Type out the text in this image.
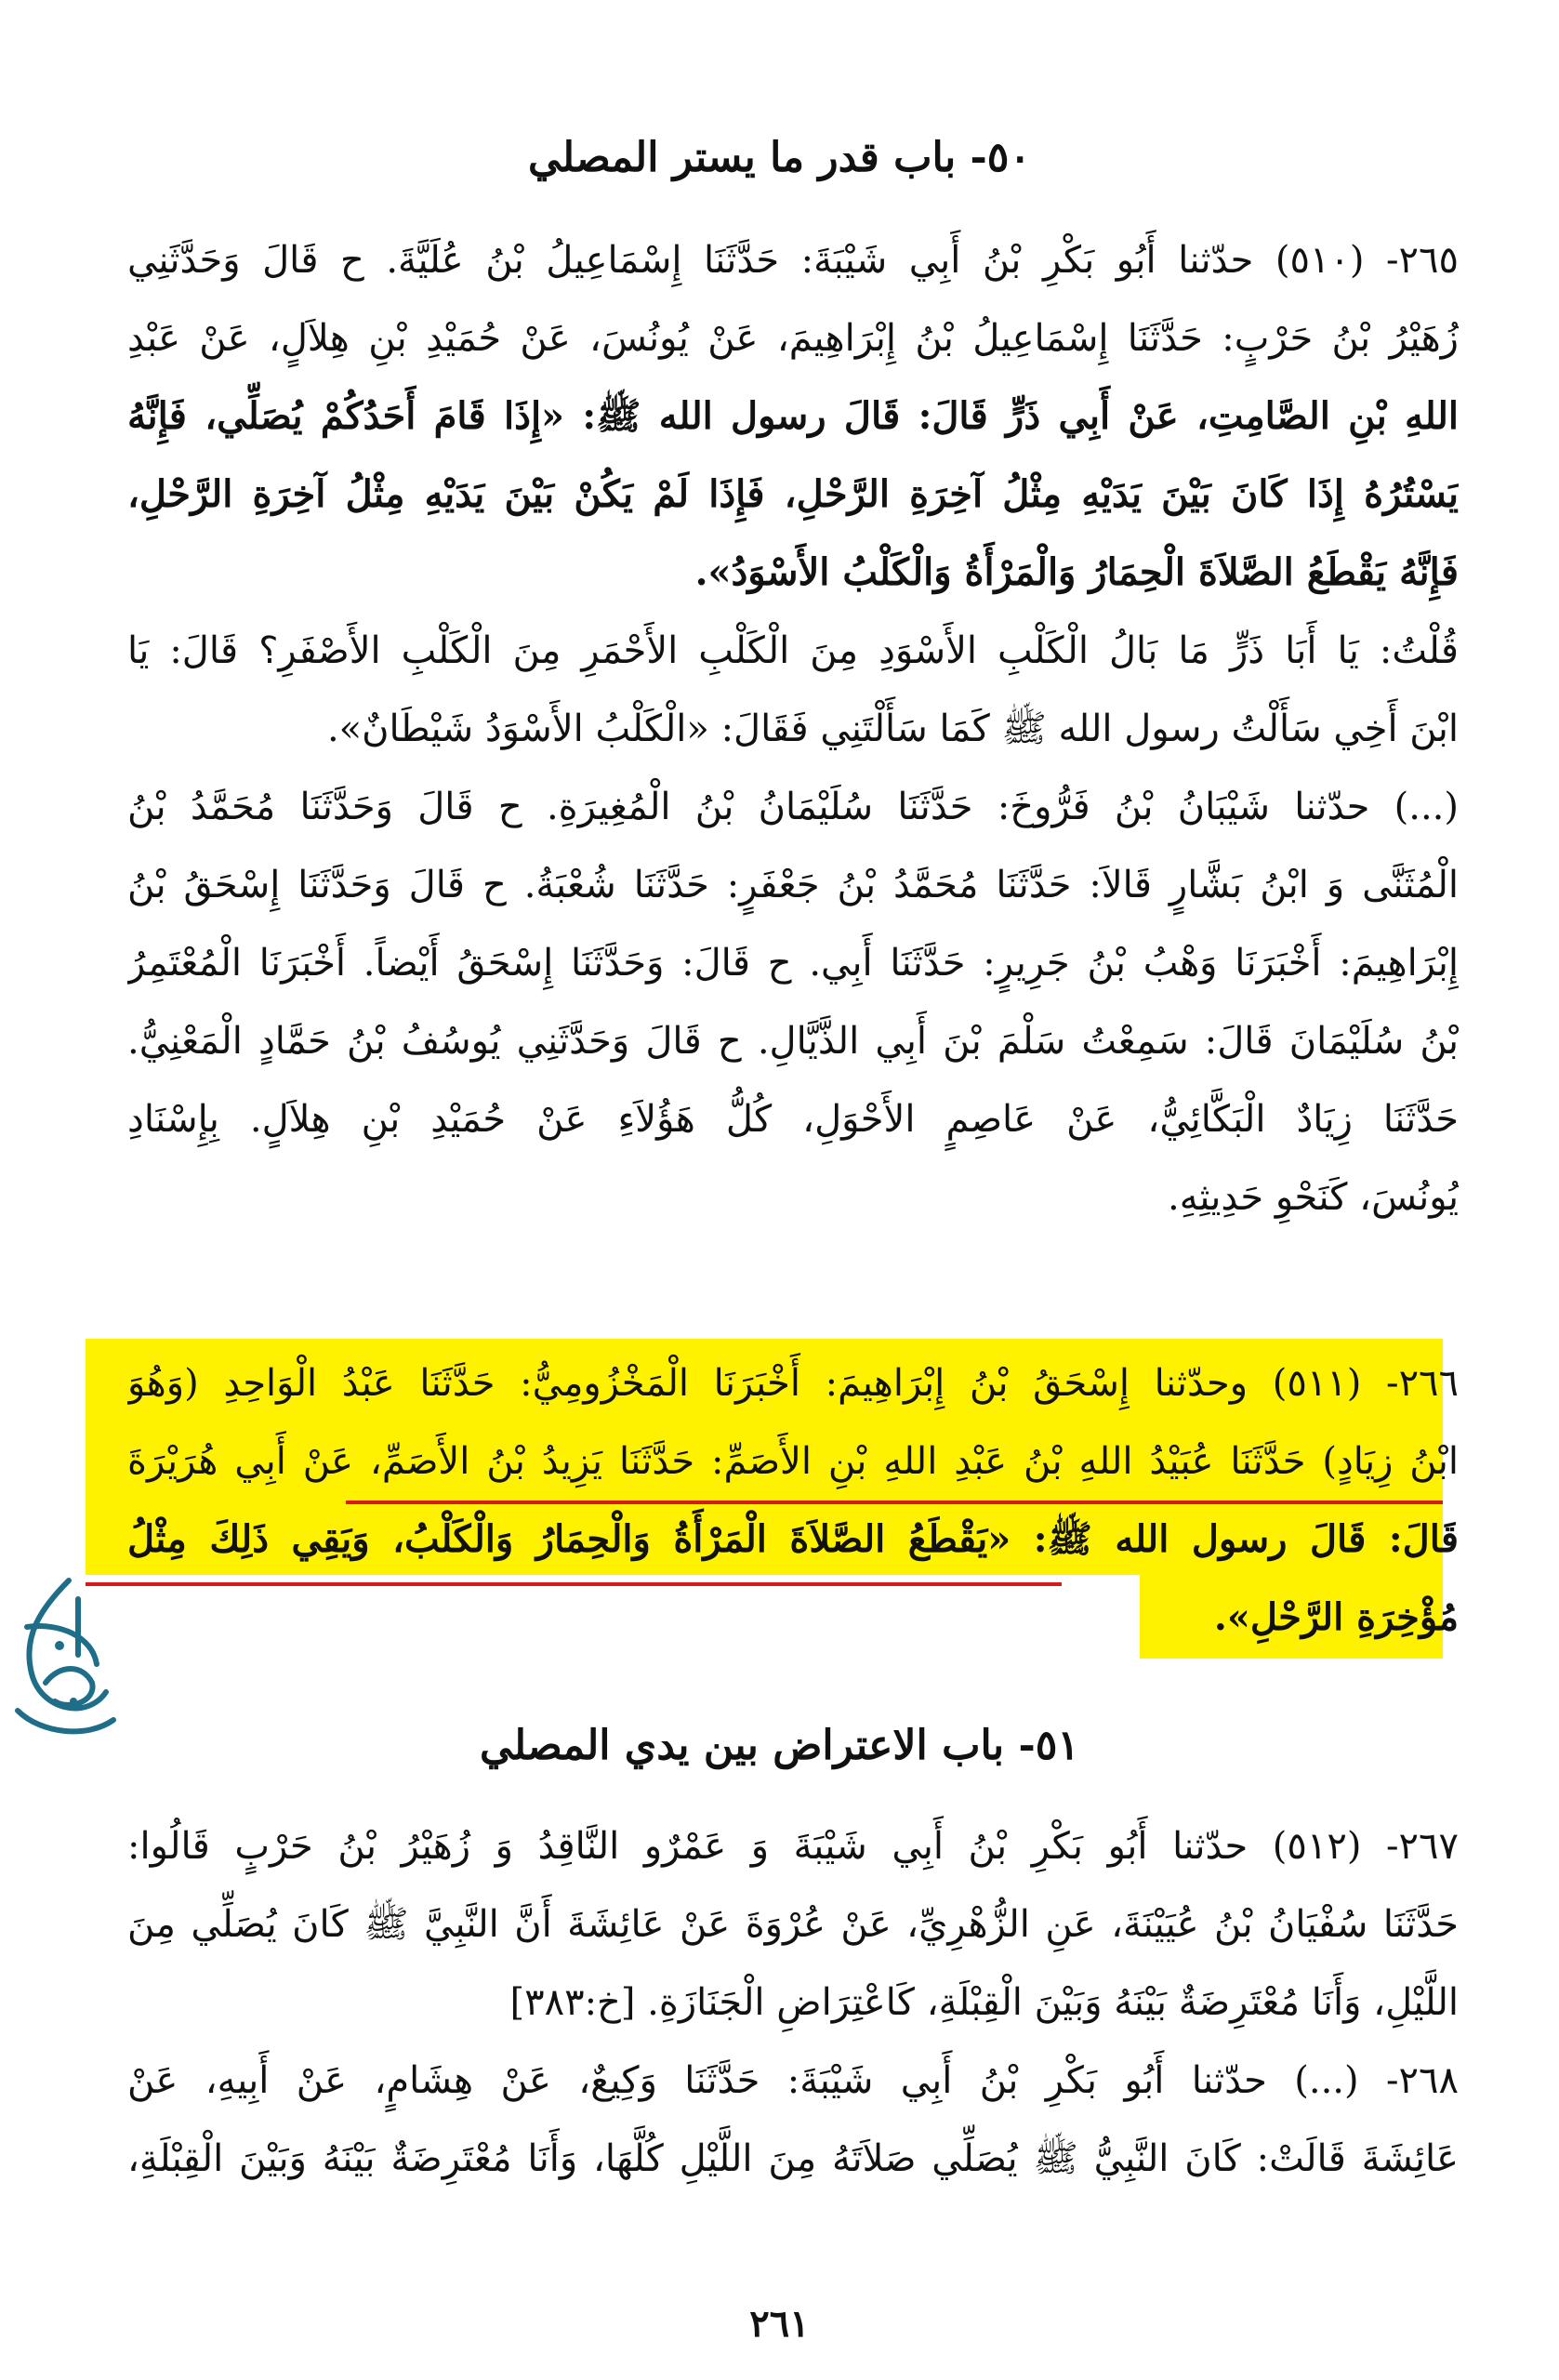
٥٠- باب قدر ما يستر المصلي
٢٦٥- (٥١٠) حدّثنا أَبُو بَكْرِ بْنُ أَبِي شَيْبَةَ: حَدَّثَنَا إِسْمَاعِيلُ بْنُ عُلَيَّةَ. ح قَالَ وَحَدَّثَنِي
زُهَيْرُ بْنُ حَرْبٍ: حَدَّثَنَا إِسْمَاعِيلُ بْنُ إِبْرَاهِيمَ، عَنْ يُونُسَ، عَنْ حُمَيْدِ بْنِ هِلاَلٍ، عَنْ عَبْدِ
اللهِ بْنِ الصَّامِتِ، عَنْ أَبِي ذَرٍّ قَالَ: قَالَ رسول الله ﷺ: «إِذَا قَامَ أَحَدُكُمْ يُصَلِّي، فَإِنَّهُ
يَسْتُرُهُ إِذَا كَانَ بَيْنَ يَدَيْهِ مِثْلُ آخِرَةِ الرَّحْلِ، فَإِذَا لَمْ يَكُنْ بَيْنَ يَدَيْهِ مِثْلُ آخِرَةِ الرَّحْلِ،
فَإِنَّهُ يَقْطَعُ الصَّلاَةَ الْحِمَارُ وَالْمَرْأَةُ وَالْكَلْبُ الأَسْوَدُ».
قُلْتُ: يَا أَبَا ذَرٍّ مَا بَالُ الْكَلْبِ الأَسْوَدِ مِنَ الْكَلْبِ الأَحْمَرِ مِنَ الْكَلْبِ الأَصْفَرِ؟ قَالَ: يَا
ابْنَ أَخِي سَأَلْتُ رسول الله ﷺ كَمَا سَأَلْتَنِي فَقَالَ: «الْكَلْبُ الأَسْوَدُ شَيْطَانٌ».
(...) حدّثنا شَيْبَانُ بْنُ فَرُّوخَ: حَدَّثَنَا سُلَيْمَانُ بْنُ الْمُغِيرَةِ. ح قَالَ وَحَدَّثَنَا مُحَمَّدُ بْنُ
الْمُثَنَّى وَ ابْنُ بَشَّارٍ قَالاَ: حَدَّثَنَا مُحَمَّدُ بْنُ جَعْفَرٍ: حَدَّثَنَا شُعْبَةُ. ح قَالَ وَحَدَّثَنَا إِسْحَقُ بْنُ
إِبْرَاهِيمَ: أَخْبَرَنَا وَهْبُ بْنُ جَرِيرٍ: حَدَّثَنَا أَبِي. ح قَالَ: وَحَدَّثَنَا إِسْحَقُ أَيْضاً. أَخْبَرَنَا الْمُعْتَمِرُ
بْنُ سُلَيْمَانَ قَالَ: سَمِعْتُ سَلْمَ بْنَ أَبِي الذَّيَّالِ. ح قَالَ وَحَدَّثَنِي يُوسُفُ بْنُ حَمَّادٍ الْمَعْنِيُّ.
حَدَّثَنَا زِيَادٌ الْبَكَّائِيُّ، عَنْ عَاصِمٍ الأَحْوَلِ، كُلُّ هَؤُلاَءِ عَنْ حُمَيْدِ بْنِ هِلاَلٍ. بِإِسْنَادِ
يُونُسَ، كَنَحْوِ حَدِيثِهِ.
٢٦٦- (٥١١) وحدّثنا إِسْحَقُ بْنُ إِبْرَاهِيمَ: أَخْبَرَنَا الْمَخْزُومِيُّ: حَدَّثَنَا عَبْدُ الْوَاحِدِ (وَهُوَ
ابْنُ زِيَادٍ) حَدَّثَنَا عُبَيْدُ اللهِ بْنُ عَبْدِ اللهِ بْنِ الأَصَمِّ: حَدَّثَنَا يَزِيدُ بْنُ الأَصَمِّ، عَنْ أَبِي هُرَيْرَةَ
قَالَ: قَالَ رسول الله ﷺ: «يَقْطَعُ الصَّلاَةَ الْمَرْأَةُ وَالْحِمَارُ وَالْكَلْبُ، وَيَقِي ذَلِكَ مِثْلُ
مُؤْخِرَةِ الرَّحْلِ».
٥١- باب الاعتراض بين يدي المصلي
٢٦٧- (٥١٢) حدّثنا أَبُو بَكْرِ بْنُ أَبِي شَيْبَةَ وَ عَمْرٌو النَّاقِدُ وَ زُهَيْرُ بْنُ حَرْبٍ قَالُوا:
حَدَّثَنَا سُفْيَانُ بْنُ عُيَيْنَةَ، عَنِ الزُّهْرِيِّ، عَنْ عُرْوَةَ عَنْ عَائِشَةَ أَنَّ النَّبِيَّ ﷺ كَانَ يُصَلِّي مِنَ
اللَّيْلِ، وَأَنَا مُعْتَرِضَةٌ بَيْنَهُ وَبَيْنَ الْقِبْلَةِ، كَاعْتِرَاضِ الْجَنَازَةِ. [خ:٣٨٣]
٢٦٨- (...) حدّثنا أَبُو بَكْرِ بْنُ أَبِي شَيْبَةَ: حَدَّثَنَا وَكِيعٌ، عَنْ هِشَامٍ، عَنْ أَبِيهِ، عَنْ
عَائِشَةَ قَالَتْ: كَانَ النَّبِيُّ ﷺ يُصَلِّي صَلاَتَهُ مِنَ اللَّيْلِ كُلَّهَا، وَأَنَا مُعْتَرِضَةٌ بَيْنَهُ وَبَيْنَ الْقِبْلَةِ،
٢٦١
